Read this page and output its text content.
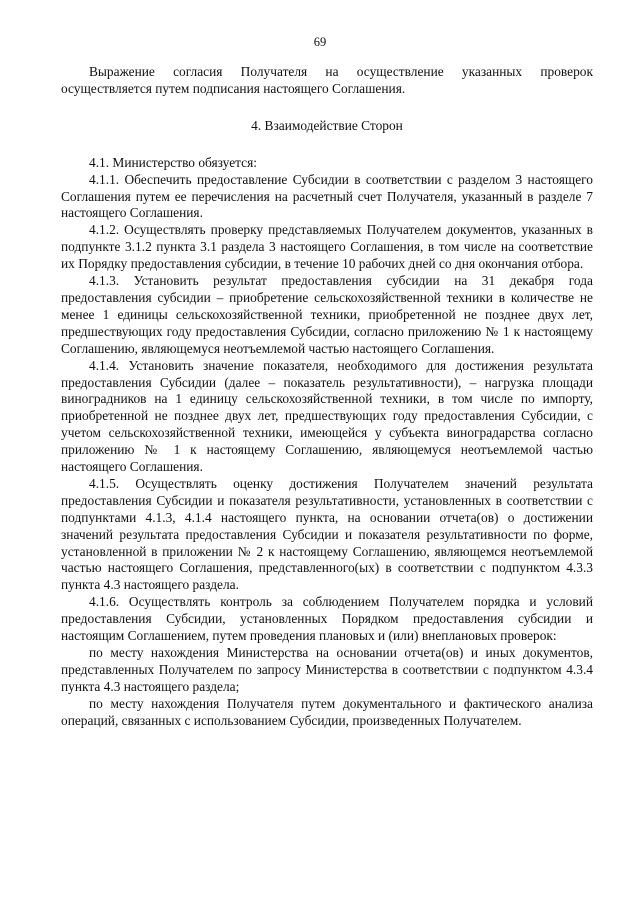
69

Выражение согласия Получателя на осуществление указанных проверок осуществляется путем подписания настоящего Соглашения.

4. Взаимодействие Сторон

4.1. Министерство обязуется:

4.1.1. Обеспечить предоставление Субсидии в соответствии с разделом 3 настоящего Соглашения путем ее перечисления на расчетный счет Получателя, указанный в разделе 7 настоящего Соглашения.

4.1.2. Осуществлять проверку представляемых Получателем документов, указанных в подпункте 3.1.2 пункта 3.1 раздела 3 настоящего Соглашения, в том числе на соответствие их Порядку предоставления субсидии, в течение 10 рабочих дней со дня окончания отбора.

4.1.3. Установить результат предоставления субсидии на 31 декабря года предоставления субсидии – приобретение сельскохозяйственной техники в количестве не менее 1 единицы сельскохозяйственной техники, приобретенной не позднее двух лет, предшествующих году предоставления Субсидии, согласно приложению № 1 к настоящему Соглашению, являющемуся неотъемлемой частью настоящего Соглашения.

4.1.4. Установить значение показателя, необходимого для достижения результата предоставления Субсидии (далее – показатель результативности), – нагрузка площади виноградников на 1 единицу сельскохозяйственной техники, в том числе по импорту, приобретенной не позднее двух лет, предшествующих году предоставления Субсидии, с учетом сельскохозяйственной техники, имеющейся у субъекта виноградарства согласно приложению № 1 к настоящему Соглашению, являющемуся неотъемлемой частью настоящего Соглашения.

4.1.5. Осуществлять оценку достижения Получателем значений результата предоставления Субсидии и показателя результативности, установленных в соответствии с подпунктами 4.1.3, 4.1.4 настоящего пункта, на основании отчета(ов) о достижении значений результата предоставления Субсидии и показателя результативности по форме, установленной в приложении № 2 к настоящему Соглашению, являющемся неотъемлемой частью настоящего Соглашения, представленного(ых) в соответствии с подпунктом 4.3.3 пункта 4.3 настоящего раздела.

4.1.6. Осуществлять контроль за соблюдением Получателем порядка и условий предоставления Субсидии, установленных Порядком предоставления субсидии и настоящим Соглашением, путем проведения плановых и (или) внеплановых проверок:

по месту нахождения Министерства на основании отчета(ов) и иных документов, представленных Получателем по запросу Министерства в соответствии с подпунктом 4.3.4 пункта 4.3 настоящего раздела;

по месту нахождения Получателя путем документального и фактического анализа операций, связанных с использованием Субсидии, произведенных Получателем.
